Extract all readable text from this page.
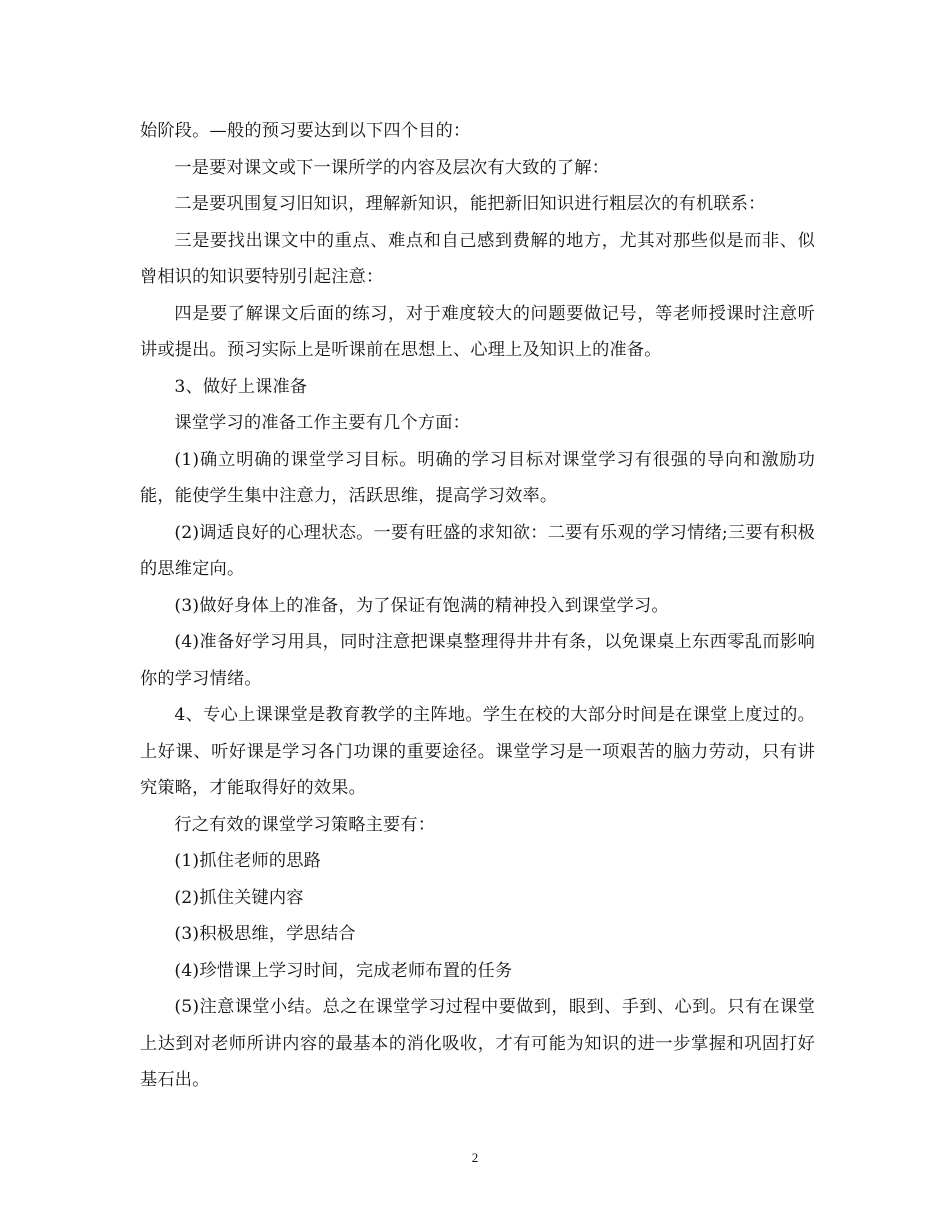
始阶段。—般的预习要达到以下四个目的：

一是要对课文或下一课所学的内容及层次有大致的了解：

二是要巩围复习旧知识，理解新知识，能把新旧知识进行粗层次的有机联系：

三是要找出课文中的重点、难点和自己感到费解的地方，尤其对那些似是而非、似曾相识的知识要特别引起注意：

四是要了解课文后面的练习，对于难度较大的问题要做记号，等老师授课时注意听讲或提出。预习实际上是听课前在思想上、心理上及知识上的准备。

3、做好上课准备

课堂学习的准备工作主要有几个方面：

(1)确立明确的课堂学习目标。明确的学习目标对课堂学习有很强的导向和激励功能，能使学生集中注意力，活跃思维，提高学习效率。

(2)调适良好的心理状态。一要有旺盛的求知欲：二要有乐观的学习情绪;三要有积极的思维定向。

(3)做好身体上的准备，为了保证有饱满的精神投入到课堂学习。

(4)准备好学习用具，同时注意把课桌整理得井井有条，以免课桌上东西零乱而影响你的学习情绪。

4、专心上课课堂是教育教学的主阵地。学生在校的大部分时间是在课堂上度过的。上好课、听好课是学习各门功课的重要途径。课堂学习是一项艰苦的脑力劳动，只有讲究策略，才能取得好的效果。

行之有效的课堂学习策略主要有：

(1)抓住老师的思路

(2)抓住关键内容

(3)积极思维，学思结合

(4)珍惜课上学习时间，完成老师布置的任务

(5)注意课堂小结。总之在课堂学习过程中要做到，眼到、手到、心到。只有在课堂上达到对老师所讲内容的最基本的消化吸收，才有可能为知识的进一步掌握和巩固打好基石出。

2
